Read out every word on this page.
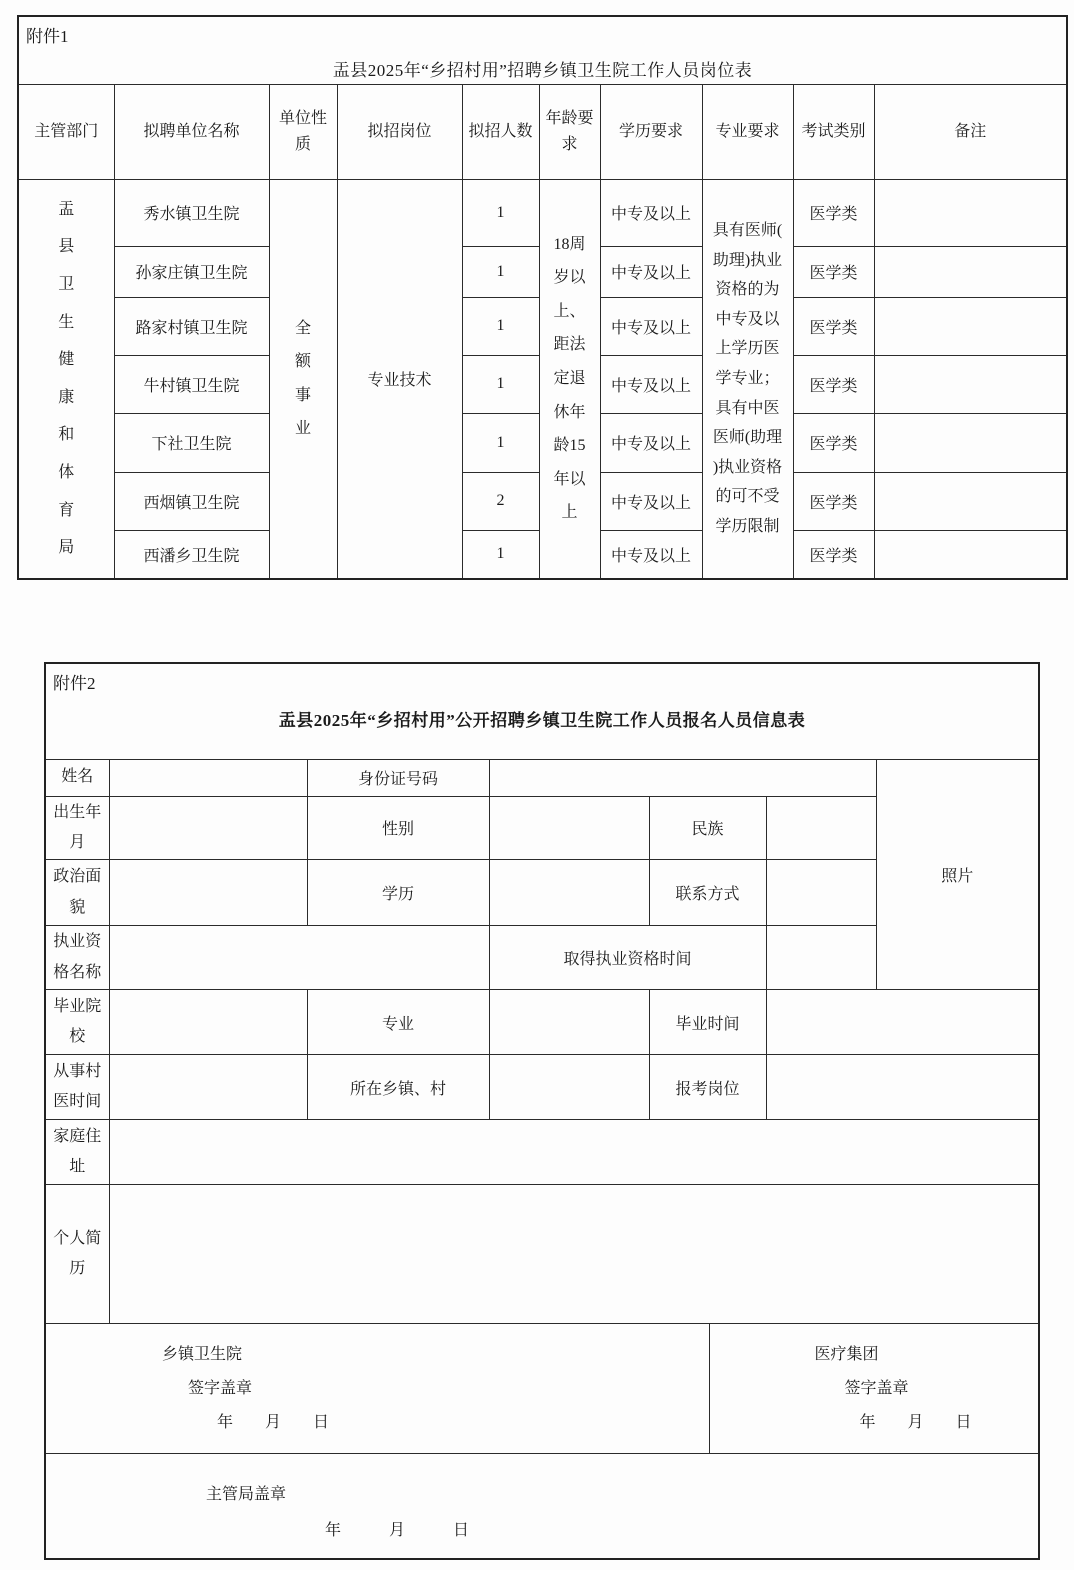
附件1
盂县2025年“乡招村用”招聘乡镇卫生院工作人员岗位表									

主管部门	拟聘单位名称	单位性质	拟招岗位	拟招人数	年龄要求	学历要求	专业要求	考试类别	备注

盂县卫生健康和体育局	秀水镇卫生院	全额事业	专业技术	1	18周岁以上、距法定退休年龄15年以上	中专及以上	具有医师(助理)执业资格的为中专及以上学历医学专业；具有中医医师(助理)执业资格的可不受学历限制	医学类	
	孙家庄镇卫生院			1		中专及以上		医学类	
	路家村镇卫生院			1		中专及以上		医学类	
	牛村镇卫生院			1		中专及以上		医学类	
	下社卫生院			1		中专及以上		医学类	
	西烟镇卫生院			2		中专及以上		医学类	
	西潘乡卫生院			1		中专及以上		医学类	
附件2
盂县2025年“乡招村用”公开招聘乡镇卫生院工作人员报名人员信息表							

姓名		身份证号码					照片
出生年月		性别		民族			
政治面貌		学历		联系方式			
执业资格名称			取得执业资格时间				
毕业院校		专业		毕业时间			
从事村医时间		所在乡镇、村		报考岗位			
家庭住址							
个人简历							

乡镇卫生院
签字盖章
年　　月　　日

医疗集团
签字盖章
年　　月　　日

主管局盖章
年　　　月　　　日							
